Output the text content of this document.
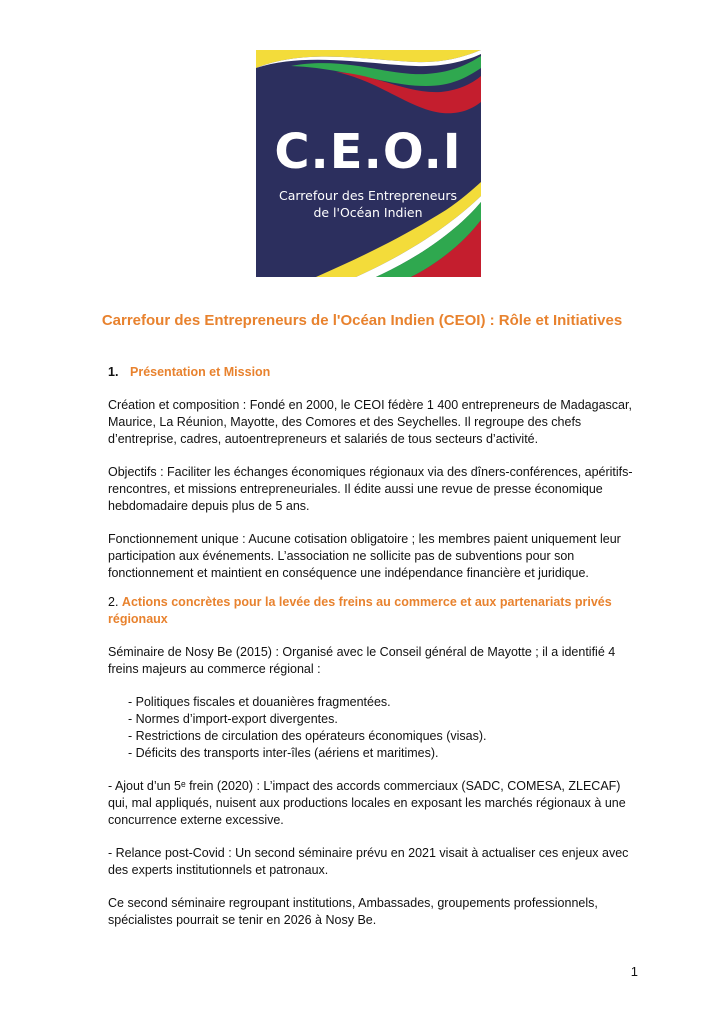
C.E.O.I
Carrefour des Entrepreneurs
de l'Océan Indien
Carrefour des Entrepreneurs de l'Océan Indien (CEOI) : Rôle et Initiatives
1. Présentation et Mission

Création et composition : Fondé en 2000, le CEOI fédère 1 400 entrepreneurs de Madagascar, Maurice, La Réunion, Mayotte, des Comores et des Seychelles. Il regroupe des chefs d’entreprise, cadres, autoentrepreneurs et salariés de tous secteurs d’activité.

Objectifs : Faciliter les échanges économiques régionaux via des dîners-conférences, apéritifs-rencontres, et missions entrepreneuriales. Il édite aussi une revue de presse économique hebdomadaire depuis plus de 5 ans.

Fonctionnement unique : Aucune cotisation obligatoire ; les membres paient uniquement leur participation aux événements. L’association ne sollicite pas de subventions pour son fonctionnement et maintient en conséquence une indépendance financière et juridique.

2. Actions concrètes pour la levée des freins au commerce et aux partenariats privés régionaux

Séminaire de Nosy Be (2015) : Organisé avec le Conseil général de Mayotte ; il a identifié 4 freins majeurs au commerce régional :

- Politiques fiscales et douanières fragmentées.
- Normes d’import-export divergentes.
- Restrictions de circulation des opérateurs économiques (visas).
- Déficits des transports inter-îles (aériens et maritimes).

- Ajout d’un 5ᵉ frein (2020) : L’impact des accords commerciaux (SADC, COMESA, ZLECAF) qui, mal appliqués, nuisent aux productions locales en exposant les marchés régionaux à une concurrence externe excessive.

- Relance post-Covid : Un second séminaire prévu en 2021 visait à actualiser ces enjeux avec des experts institutionnels et patronaux.

Ce second séminaire regroupant institutions, Ambassades, groupements professionnels, spécialistes pourrait se tenir en 2026 à Nosy Be.

1
